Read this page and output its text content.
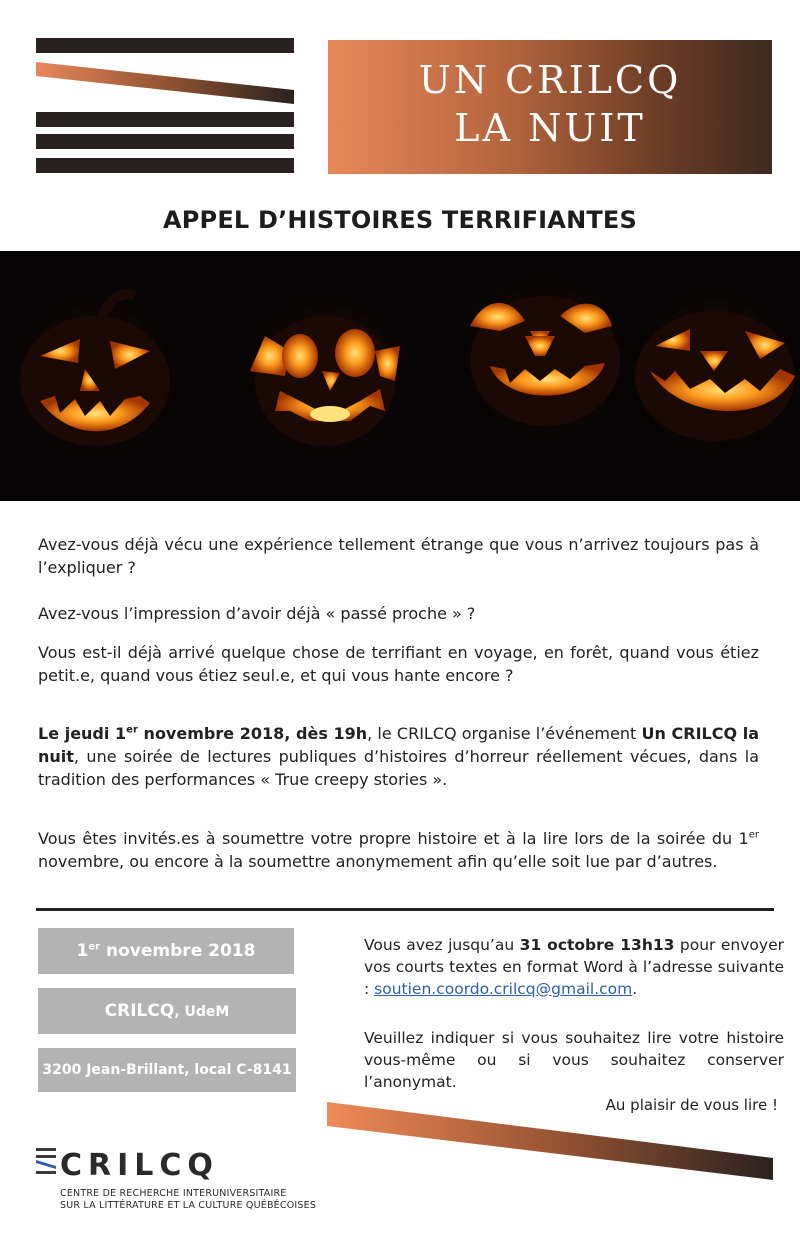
UN CRILCQ
LA NUIT
APPEL D’HISTOIRES TERRIFIANTES
Avez-vous déjà vécu une expérience tellement étrange que vous n’arrivez toujours pas à l’expliquer ?
Avez-vous l’impression d’avoir déjà « passé proche » ?
Vous est-il déjà arrivé quelque chose de terrifiant en voyage, en forêt, quand vous étiez petit.e, quand vous étiez seul.e, et qui vous hante encore ?
Le jeudi 1er novembre 2018, dès 19h, le CRILCQ organise l’événement Un CRILCQ la nuit, une soirée de lectures publiques d’histoires d’horreur réellement vécues, dans la tradition des performances « True creepy stories ».
Vous êtes invités.es à soumettre votre propre histoire et à la lire lors de la soirée du 1er novembre, ou encore à la soumettre anonymement afin qu’elle soit lue par d’autres.
1er novembre 2018
CRILCQ, UdeM
3200 Jean-Brillant, local C-8141
Vous avez jusqu’au 31 octobre 13h13 pour envoyer vos courts textes en format Word à l’adresse suivante : soutien.coordo.crilcq@gmail.com.
Veuillez indiquer si vous souhaitez lire votre histoire vous-même ou si vous souhaitez conserver l’anonymat.
Au plaisir de vous lire !
CRILCQ
CENTRE DE RECHERCHE INTERUNIVERSITAIRE
SUR LA LITTÉRATURE ET LA CULTURE QUÉBÉCOISES
